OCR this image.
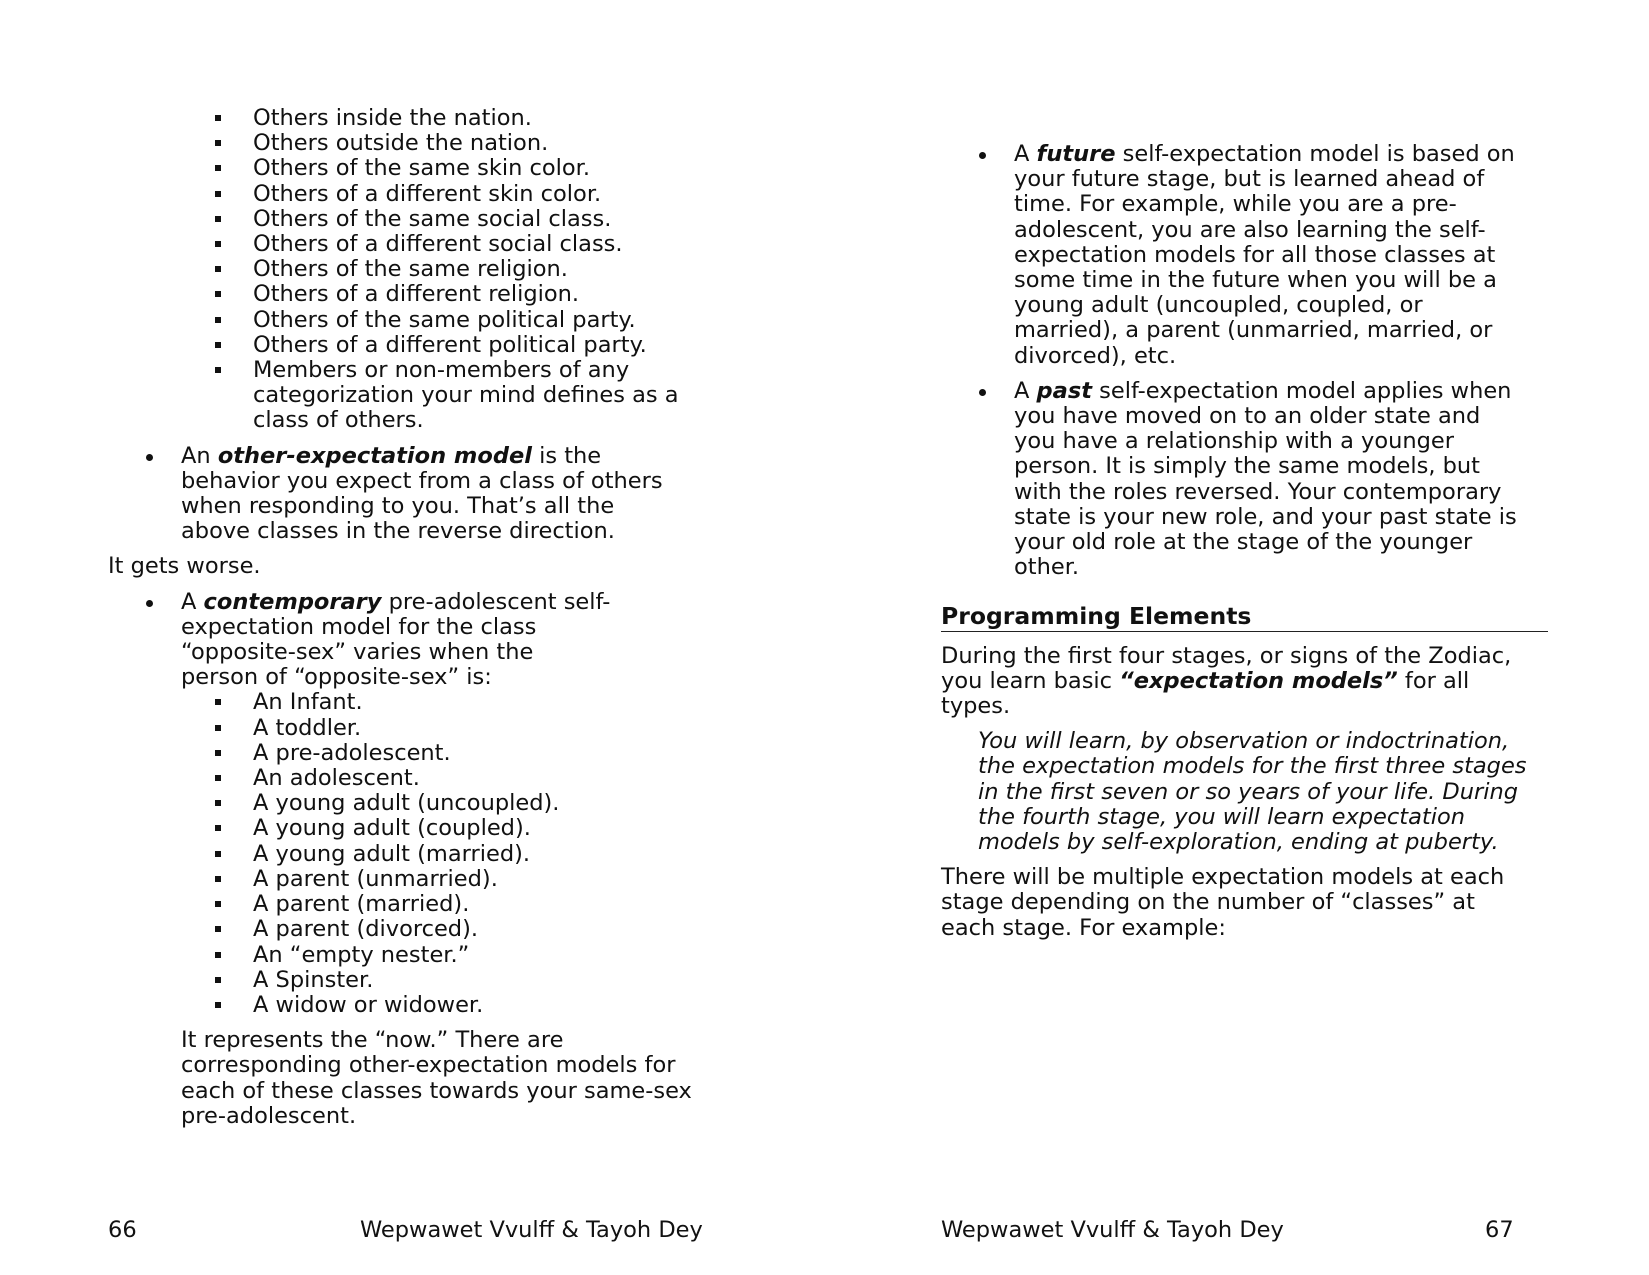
Others inside the nation.
Others outside the nation.
Others of the same skin color.
Others of a different skin color.
Others of the same social class.
Others of a different social class.
Others of the same religion.
Others of a different religion.
Others of the same political party.
Others of a different political party.
Members or non-members of any categorization your mind defines as a class of others.
An other-expectation model is the behavior you expect from a class of others when responding to you. That’s all the above classes in the reverse direction.

It gets worse.

A contemporary pre-adolescent self-expectation model for the class “opposite-sex” varies when the person of “opposite-sex” is:
An Infant.
A toddler.
A pre-adolescent.
An adolescent.
A young adult (uncoupled).
A young adult (coupled).
A young adult (married).
A parent (unmarried).
A parent (married).
A parent (divorced).
An “empty nester.”
A Spinster.
A widow or widower.

It represents the “now.” There are corresponding other-expectation models for each of these classes towards your same-sex pre-adolescent.

66	Wepwawet Vvulff & Tayoh Dey
A future self-expectation model is based on your future stage, but is learned ahead of time. For example, while you are a pre-adolescent, you are also learning the self-expectation models for all those classes at some time in the future when you will be a young adult (uncoupled, coupled, or married), a parent (unmarried, married, or divorced), etc.
A past self-expectation model applies when you have moved on to an older state and you have a relationship with a younger person. It is simply the same models, but with the roles reversed. Your contemporary state is your new role, and your past state is your old role at the stage of the younger other.
Programming Elements

During the first four stages, or signs of the Zodiac, you learn basic “expectation models” for all types.

You will learn, by observation or indoctrination, the expectation models for the first three stages in the first seven or so years of your life. During the fourth stage, you will learn expectation models by self-exploration, ending at puberty.

There will be multiple expectation models at each stage depending on the number of “classes” at each stage. For example:

Wepwawet Vvulff & Tayoh Dey	67
